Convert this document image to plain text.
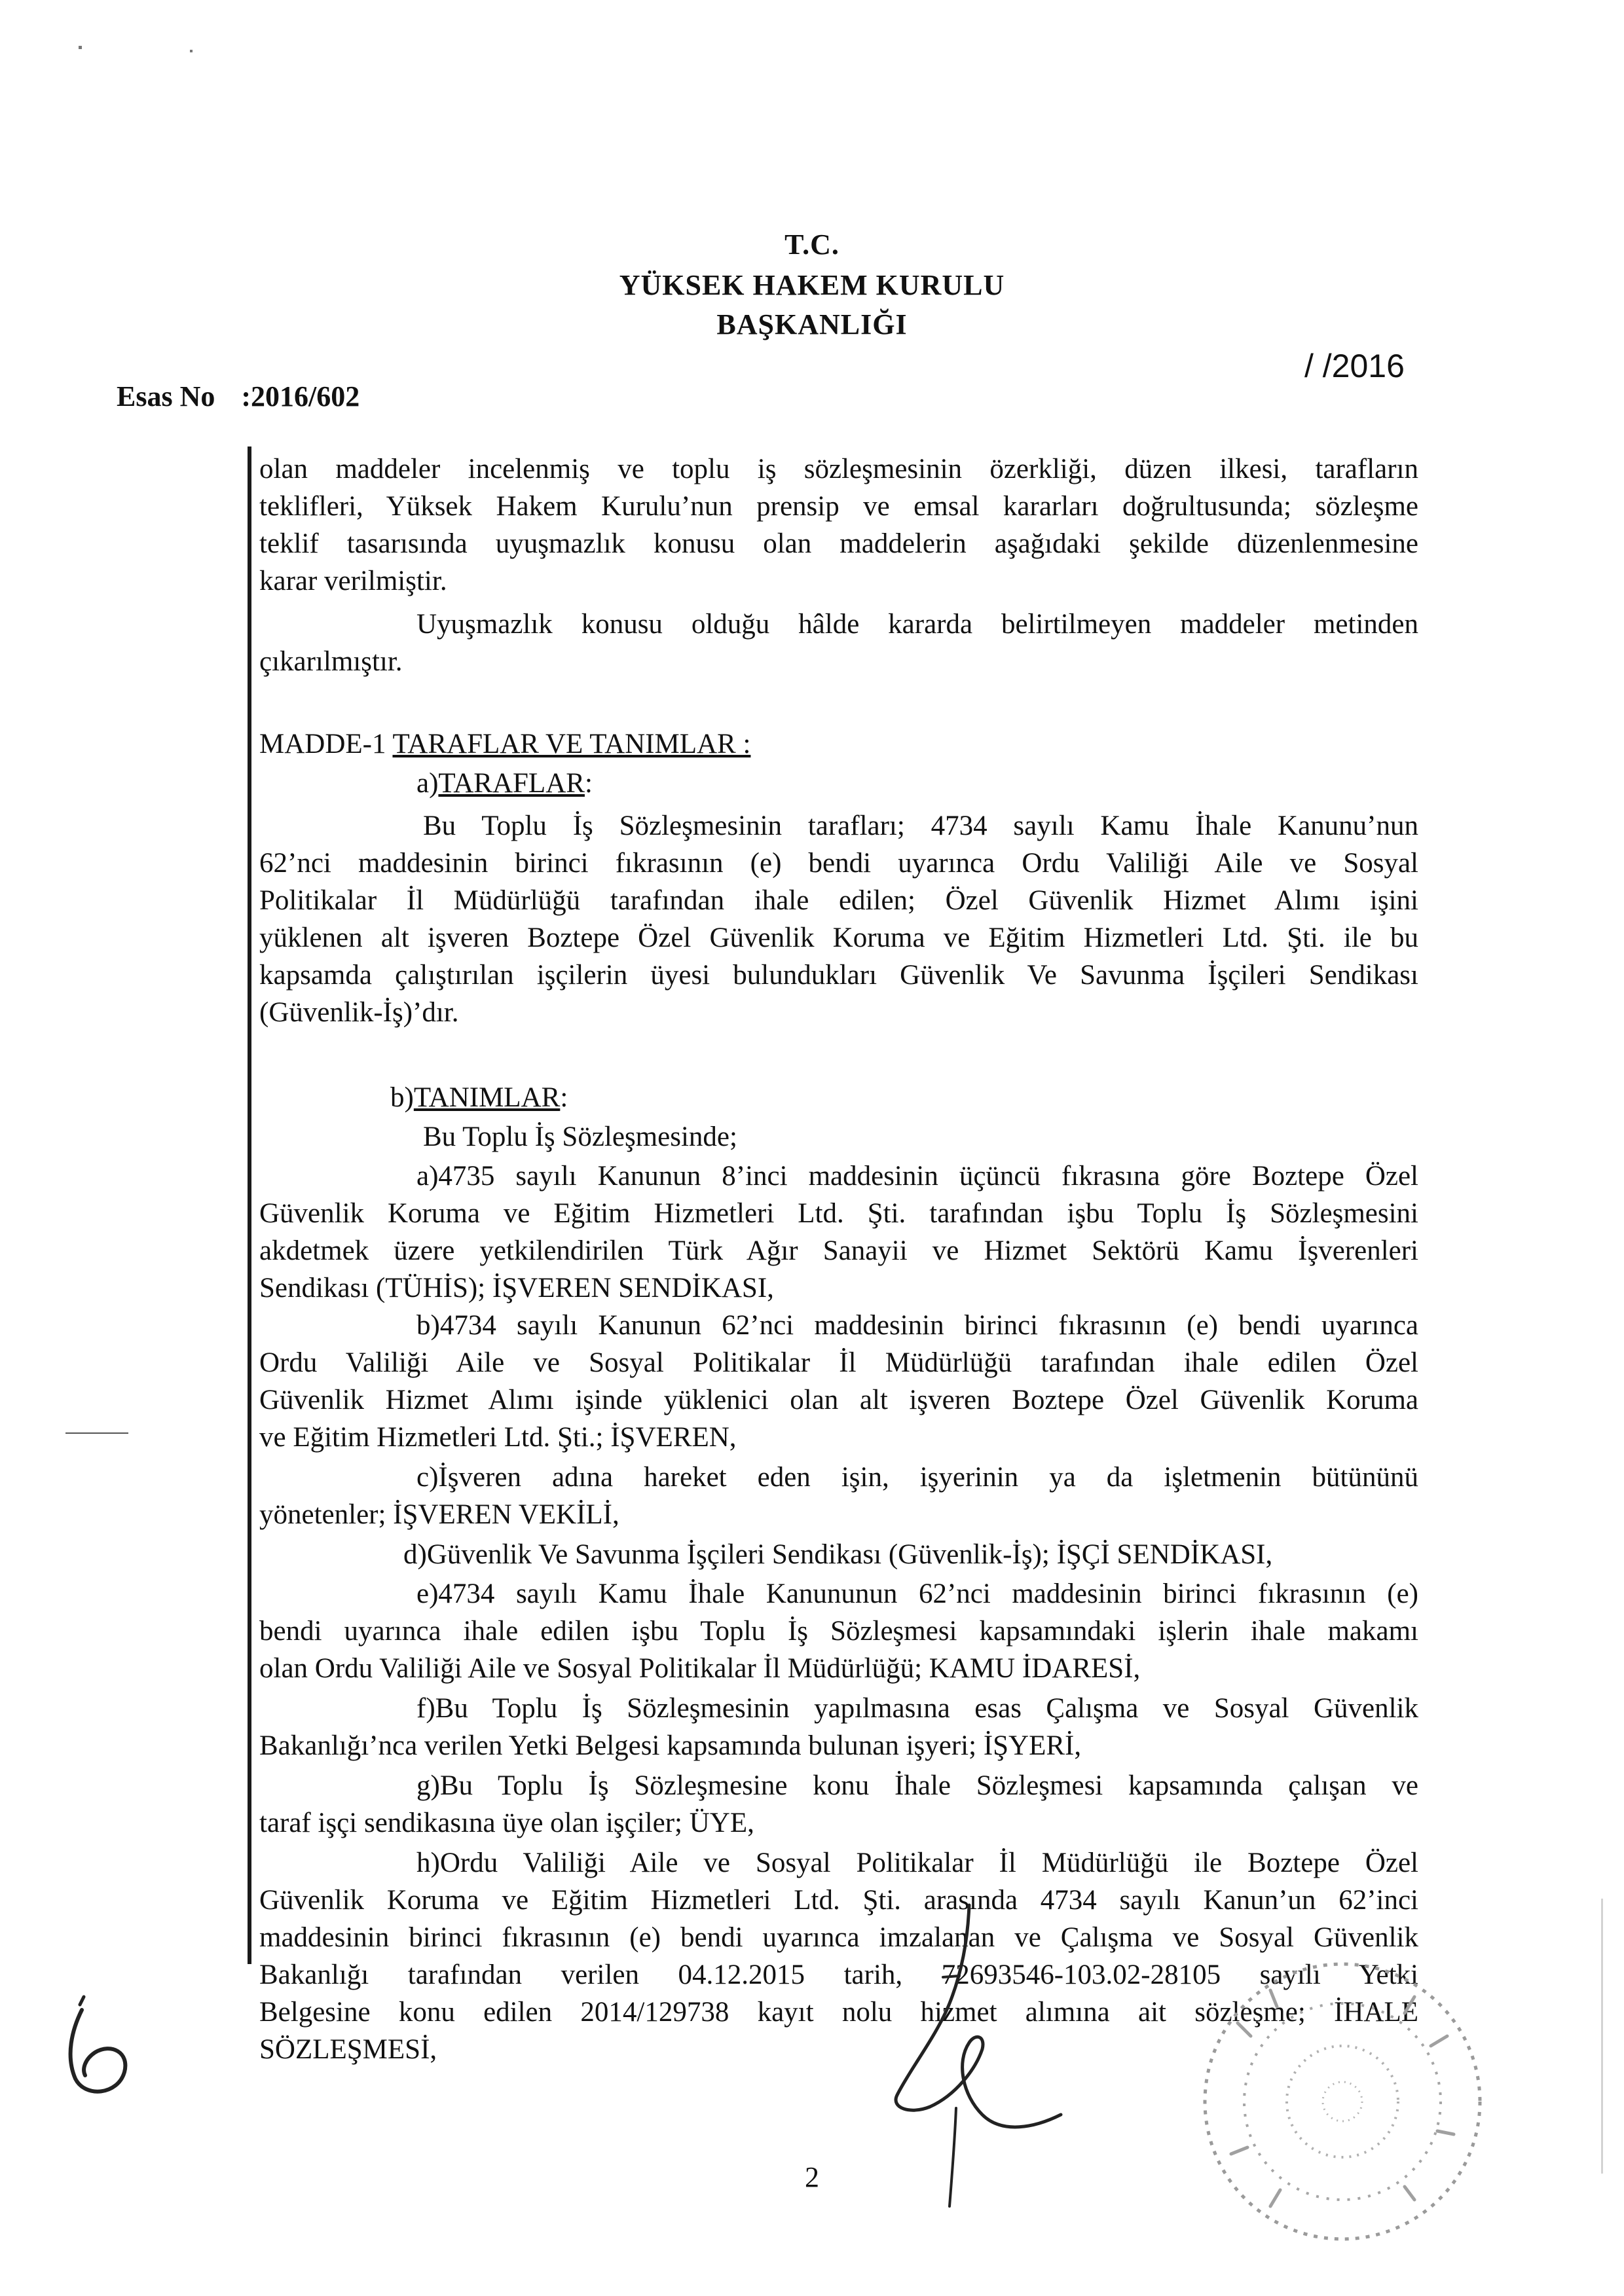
T.C.
YÜKSEK HAKEM KURULU
BAŞKANLIĞI
Esas No :2016/602
/ /2016
olan maddeler incelenmiş ve toplu iş sözleşmesinin özerkliği, düzen ilkesi, tarafların
teklifleri, Yüksek Hakem Kurulu’nun prensip ve emsal kararları doğrultusunda; sözleşme
teklif tasarısında uyuşmazlık konusu olan maddelerin aşağıdaki şekilde düzenlenmesine
karar verilmiştir.
Uyuşmazlık konusu olduğu hâlde kararda belirtilmeyen maddeler metinden
çıkarılmıştır.
MADDE-1 TARAFLAR VE TANIMLAR :
a)TARAFLAR:
Bu Toplu İş Sözleşmesinin tarafları; 4734 sayılı Kamu İhale Kanunu’nun
62’nci maddesinin birinci fıkrasının (e) bendi uyarınca Ordu Valiliği Aile ve Sosyal
Politikalar İl Müdürlüğü tarafından ihale edilen; Özel Güvenlik Hizmet Alımı işini
yüklenen alt işveren Boztepe Özel Güvenlik Koruma ve Eğitim Hizmetleri Ltd. Şti. ile bu
kapsamda çalıştırılan işçilerin üyesi bulundukları Güvenlik Ve Savunma İşçileri Sendikası
(Güvenlik-İş)’dır.
b)TANIMLAR:
Bu Toplu İş Sözleşmesinde;
a)4735 sayılı Kanunun 8’inci maddesinin üçüncü fıkrasına göre Boztepe Özel
Güvenlik Koruma ve Eğitim Hizmetleri Ltd. Şti. tarafından işbu Toplu İş Sözleşmesini
akdetmek üzere yetkilendirilen Türk Ağır Sanayii ve Hizmet Sektörü Kamu İşverenleri
Sendikası (TÜHİS); İŞVEREN SENDİKASI,
b)4734 sayılı Kanunun 62’nci maddesinin birinci fıkrasının (e) bendi uyarınca
Ordu Valiliği Aile ve Sosyal Politikalar İl Müdürlüğü tarafından ihale edilen Özel
Güvenlik Hizmet Alımı işinde yüklenici olan alt işveren Boztepe Özel Güvenlik Koruma
ve Eğitim Hizmetleri Ltd. Şti.; İŞVEREN,
c)İşveren adına hareket eden işin, işyerinin ya da işletmenin bütününü
yönetenler; İŞVEREN VEKİLİ,
d)Güvenlik Ve Savunma İşçileri Sendikası (Güvenlik-İş); İŞÇİ SENDİKASI,
e)4734 sayılı Kamu İhale Kanununun 62’nci maddesinin birinci fıkrasının (e)
bendi uyarınca ihale edilen işbu Toplu İş Sözleşmesi kapsamındaki işlerin ihale makamı
olan Ordu Valiliği Aile ve Sosyal Politikalar İl Müdürlüğü; KAMU İDARESİ,
f)Bu Toplu İş Sözleşmesinin yapılmasına esas Çalışma ve Sosyal Güvenlik
Bakanlığı’nca verilen Yetki Belgesi kapsamında bulunan işyeri; İŞYERİ,
g)Bu Toplu İş Sözleşmesine konu İhale Sözleşmesi kapsamında çalışan ve
taraf işçi sendikasına üye olan işçiler; ÜYE,
h)Ordu Valiliği Aile ve Sosyal Politikalar İl Müdürlüğü ile Boztepe Özel
Güvenlik Koruma ve Eğitim Hizmetleri Ltd. Şti. arasında 4734 sayılı Kanun’un 62’inci
maddesinin birinci fıkrasının (e) bendi uyarınca imzalanan ve Çalışma ve Sosyal Güvenlik
Bakanlığı tarafından verilen 04.12.2015 tarih, 72693546-103.02-28105 sayılı Yetki
Belgesine konu edilen 2014/129738 kayıt nolu hizmet alımına ait sözleşme; İHALE
SÖZLEŞMESİ,
2
